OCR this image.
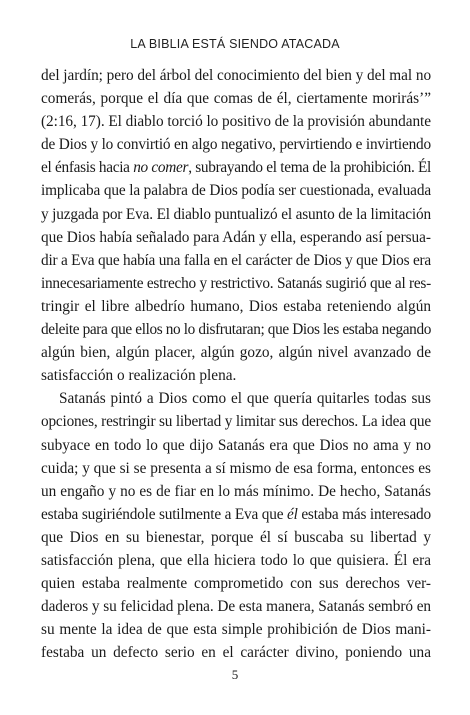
LA BIBLIA ESTÁ SIENDO ATACADA
del jardín; pero del árbol del conocimiento del bien y del mal no
comerás, porque el día que comas de él, ciertamente morirás’”
(2:16, 17). El diablo torció lo positivo de la provisión abundante
de Dios y lo convirtió en algo negativo, pervirtiendo e invirtiendo
el énfasis hacia no comer, subrayando el tema de la prohibición. Él
implicaba que la palabra de Dios podía ser cuestionada, evaluada
y juzgada por Eva. El diablo puntualizó el asunto de la limitación
que Dios había señalado para Adán y ella, esperando así persua-
dir a Eva que había una falla en el carácter de Dios y que Dios era
innecesariamente estrecho y restrictivo. Satanás sugirió que al res-
tringir el libre albedrío humano, Dios estaba reteniendo algún
deleite para que ellos no lo disfrutaran; que Dios les estaba negando
algún bien, algún placer, algún gozo, algún nivel avanzado de
satisfacción o realización plena.
Satanás pintó a Dios como el que quería quitarles todas sus
opciones, restringir su libertad y limitar sus derechos. La idea que
subyace en todo lo que dijo Satanás era que Dios no ama y no
cuida; y que si se presenta a sí mismo de esa forma, entonces es
un engaño y no es de fiar en lo más mínimo. De hecho, Satanás
estaba sugiriéndole sutilmente a Eva que él estaba más interesado
que Dios en su bienestar, porque él sí buscaba su libertad y
satisfacción plena, que ella hiciera todo lo que quisiera. Él era
quien estaba realmente comprometido con sus derechos ver-
daderos y su felicidad plena. De esta manera, Satanás sembró en
su mente la idea de que esta simple prohibición de Dios mani-
festaba un defecto serio en el carácter divino, poniendo una
5
